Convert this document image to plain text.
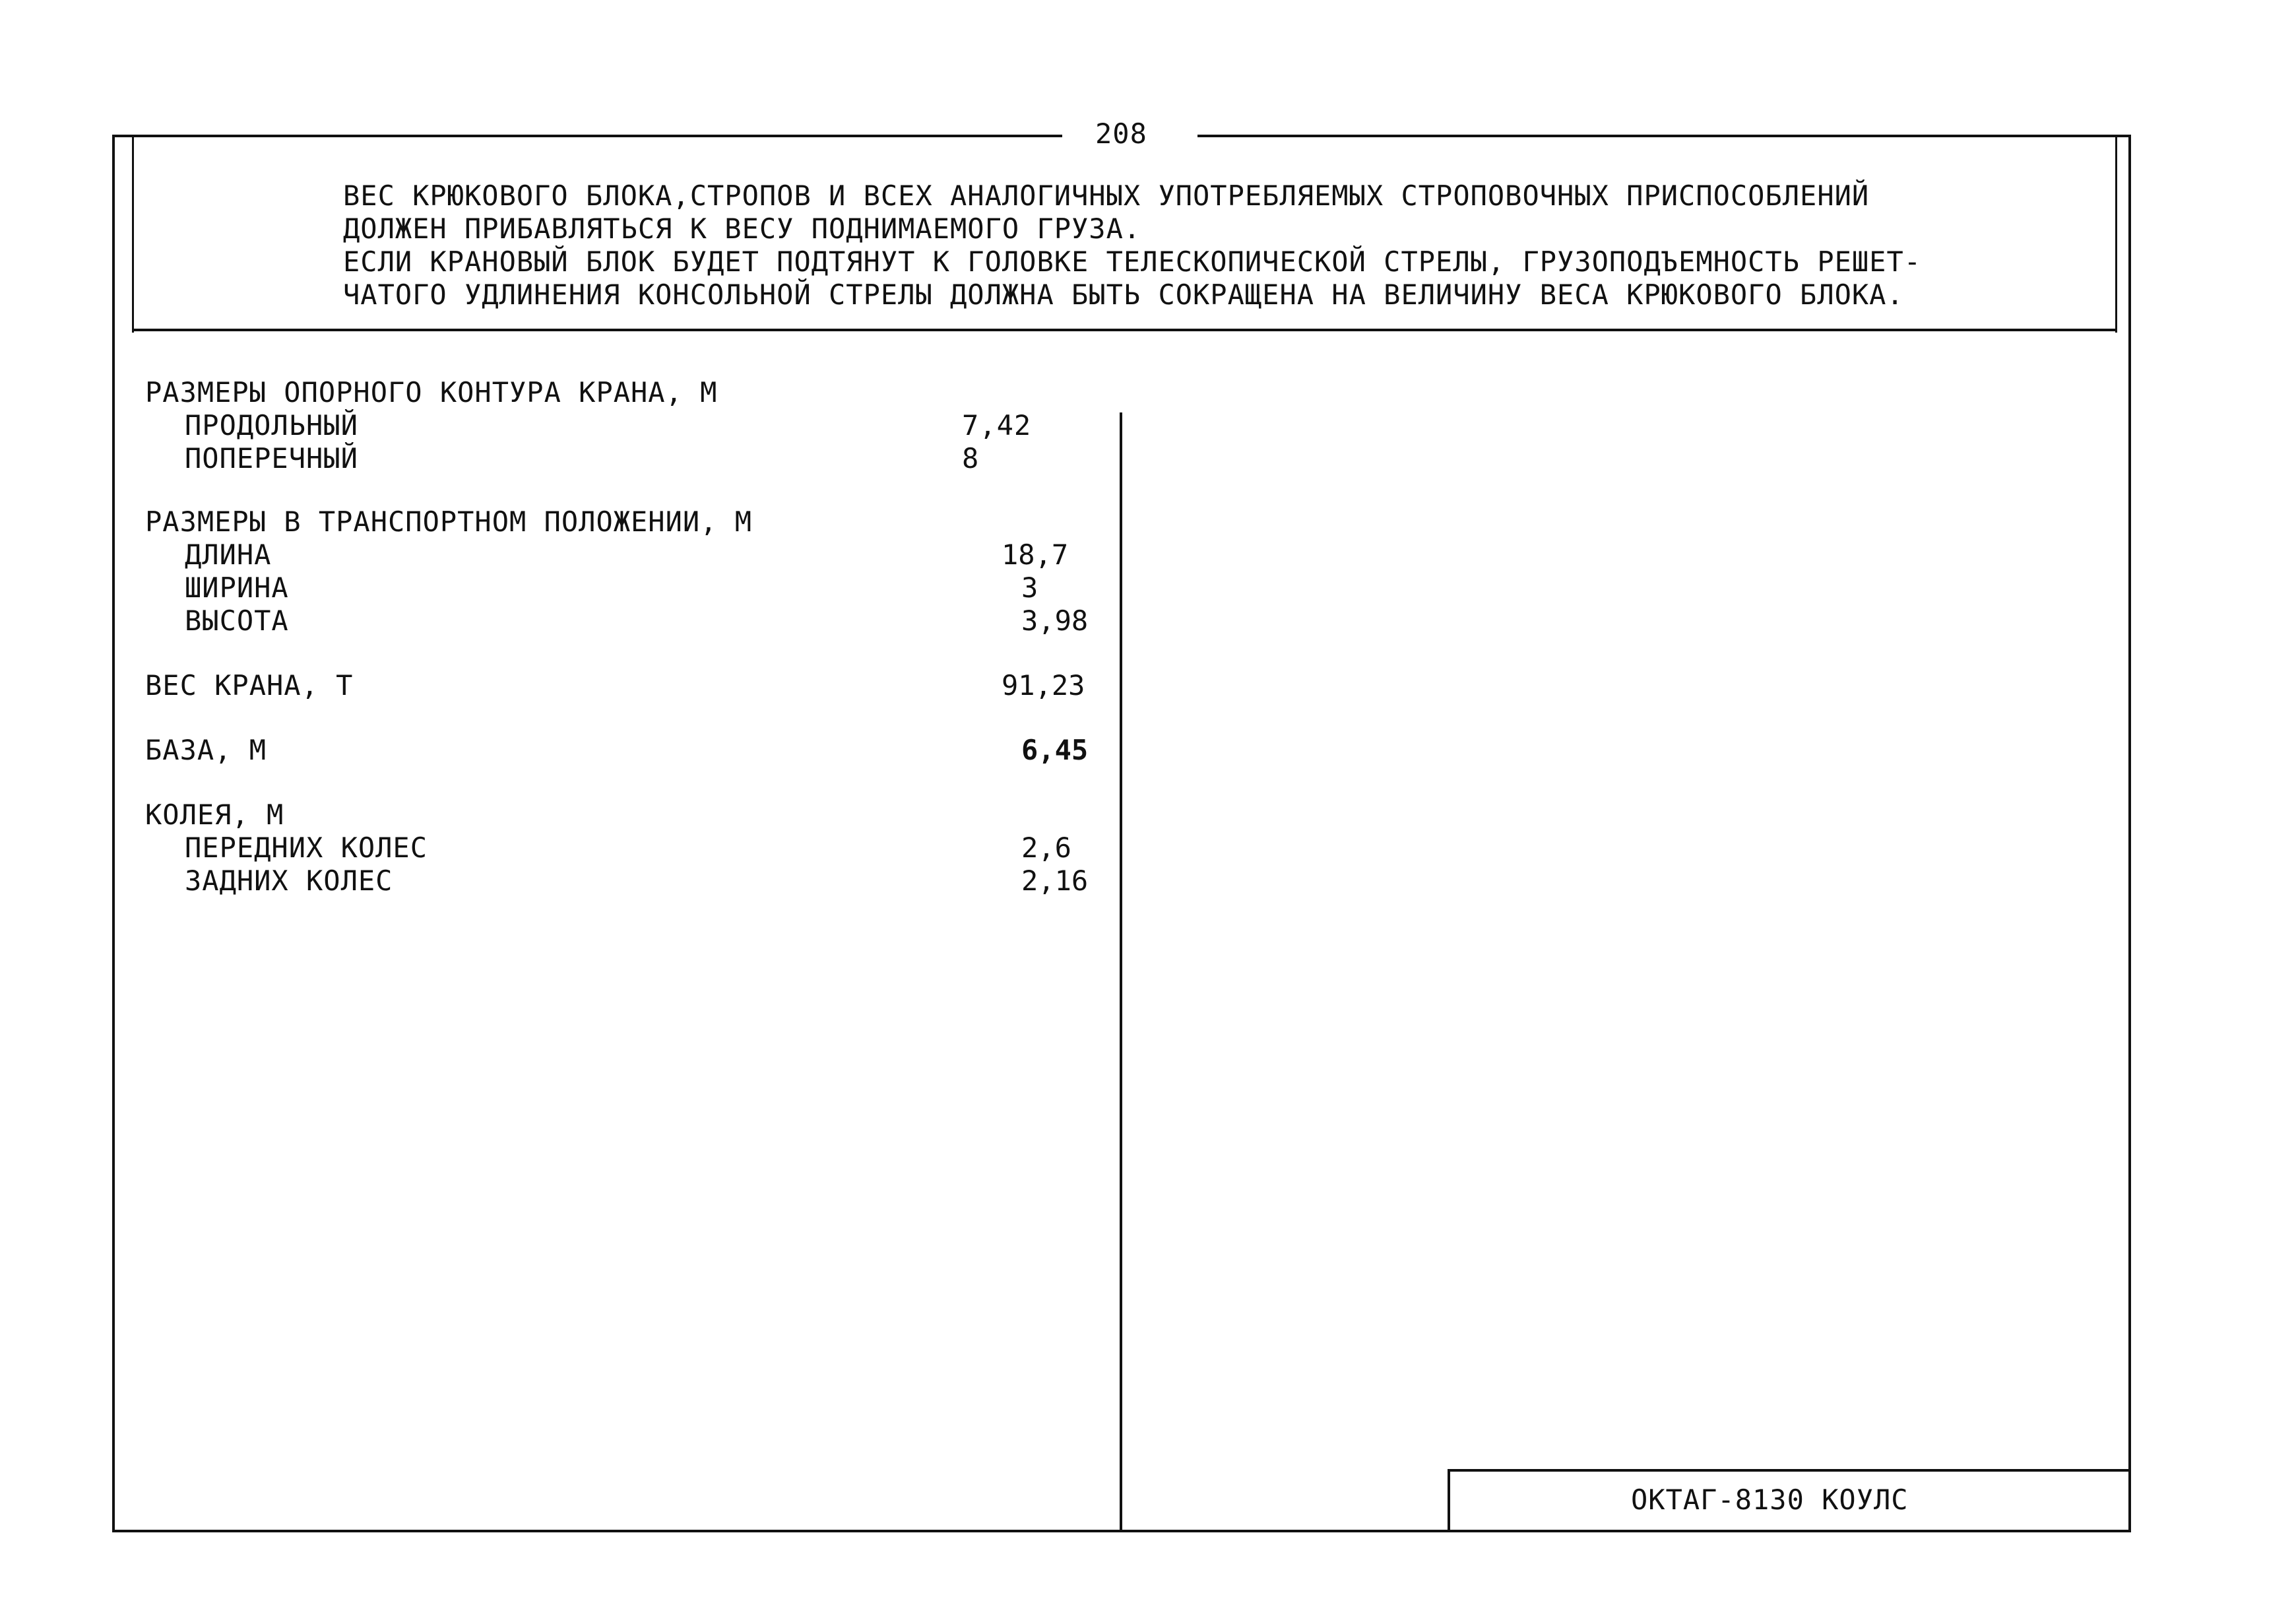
208
ВЕС КРЮКОВОГО БЛОКА,СТРОПОВ И ВСЕХ АНАЛОГИЧНЫХ УПОТРЕБЛЯЕМЫХ СТРОПОВОЧНЫХ ПРИСПОСОБЛЕНИЙ
ДОЛЖЕН ПРИБАВЛЯТЬСЯ К ВЕСУ ПОДНИМАЕМОГО ГРУЗА.
ЕСЛИ КРАНОВЫЙ БЛОК БУДЕТ ПОДТЯНУТ К ГОЛОВКЕ ТЕЛЕСКОПИЧЕСКОЙ СТРЕЛЫ, ГРУЗОПОДЪЕМНОСТЬ РЕШЕТ-
ЧАТОГО УДЛИНЕНИЯ КОНСОЛЬНОЙ СТРЕЛЫ ДОЛЖНА БЫТЬ СОКРАЩЕНА НА ВЕЛИЧИНУ ВЕСА КРЮКОВОГО БЛОКА.
РАЗМЕРЫ ОПОРНОГО КОНТУРА КРАНА, М
ПРОДОЛЬНЫЙ	7,42
ПОПЕРЕЧНЫЙ	8
РАЗМЕРЫ В ТРАНСПОРТНОМ ПОЛОЖЕНИИ, М
ДЛИНА	18,7
ШИРИНА	3
ВЫСОТА	3,98
ВЕС КРАНА, Т	91,23
БАЗА, М	6,45
КОЛЕЯ, М
ПЕРЕДНИХ КОЛЕС	2,6
ЗАДНИХ КОЛЕС	2,16
ОКТАГ-8130 КОУЛС
